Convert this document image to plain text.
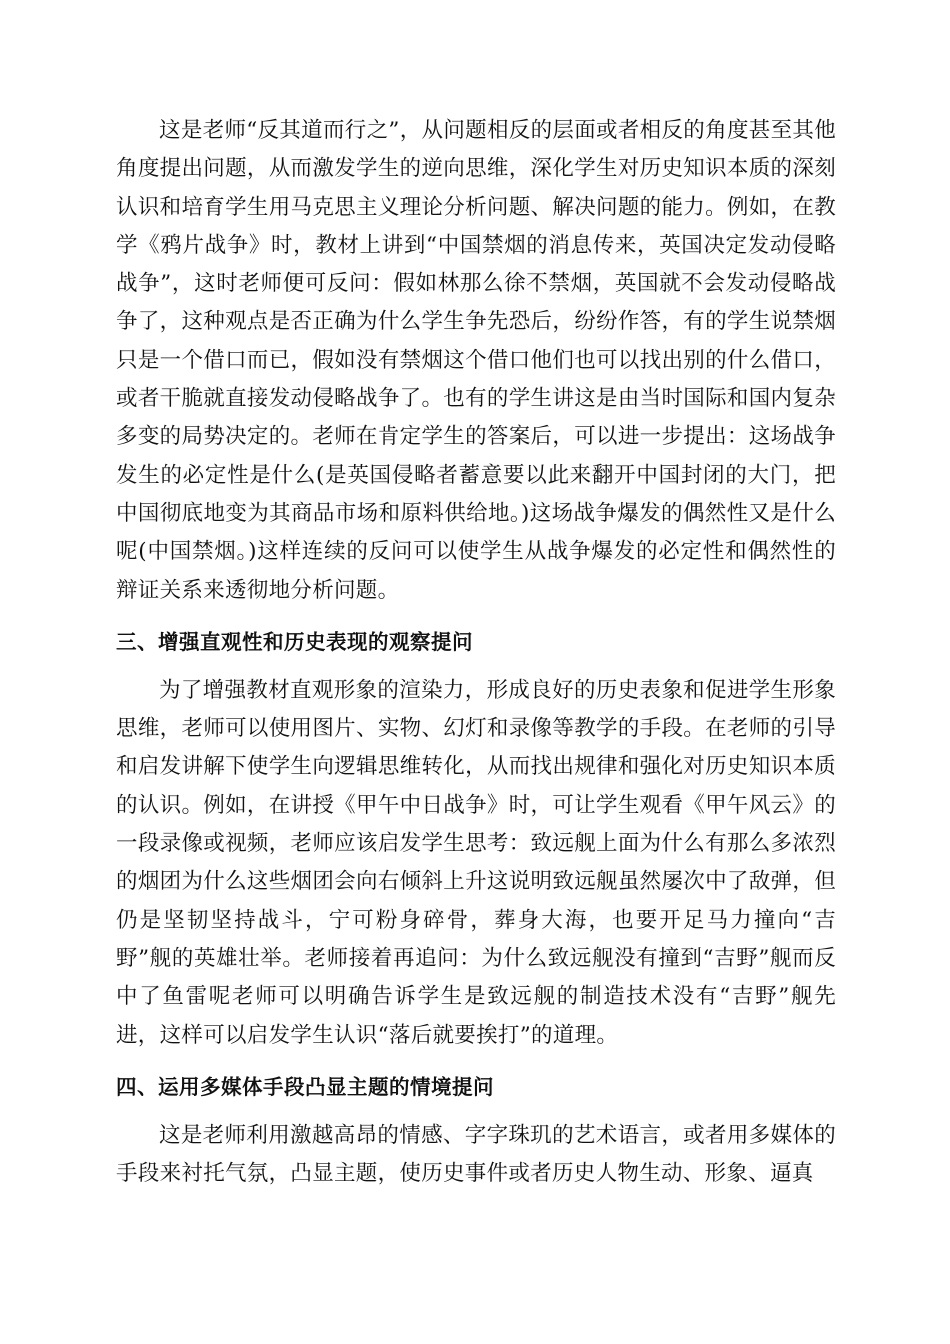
这是老师“反其道而行之”，从问题相反的层面或者相反的角度甚至其他角度提出问题，从而激发学生的逆向思维，深化学生对历史知识本质的深刻认识和培育学生用马克思主义理论分析问题、解决问题的能力。例如，在教学《鸦片战争》时，教材上讲到“中国禁烟的消息传来，英国决定发动侵略战争”，这时老师便可反问：假如林那么徐不禁烟，英国就不会发动侵略战争了，这种观点是否正确为什么学生争先恐后，纷纷作答，有的学生说禁烟只是一个借口而已，假如没有禁烟这个借口他们也可以找出别的什么借口，或者干脆就直接发动侵略战争了。也有的学生讲这是由当时国际和国内复杂多变的局势决定的。老师在肯定学生的答案后，可以进一步提出：这场战争发生的必定性是什么(是英国侵略者蓄意要以此来翻开中国封闭的大门，把中国彻底地变为其商品市场和原料供给地。)这场战争爆发的偶然性又是什么呢(中国禁烟。)这样连续的反问可以使学生从战争爆发的必定性和偶然性的辩证关系来透彻地分析问题。

三、增强直观性和历史表现的观察提问

为了增强教材直观形象的渲染力，形成良好的历史表象和促进学生形象思维，老师可以使用图片、实物、幻灯和录像等教学的手段。在老师的引导和启发讲解下使学生向逻辑思维转化，从而找出规律和强化对历史知识本质的认识。例如，在讲授《甲午中日战争》时，可让学生观看《甲午风云》的一段录像或视频，老师应该启发学生思考：致远舰上面为什么有那么多浓烈的烟团为什么这些烟团会向右倾斜上升这说明致远舰虽然屡次中了敌弹，但仍是坚韧坚持战斗，宁可粉身碎骨，葬身大海，也要开足马力撞向“吉野”舰的英雄壮举。老师接着再追问：为什么致远舰没有撞到“吉野”舰而反中了鱼雷呢老师可以明确告诉学生是致远舰的制造技术没有“吉野”舰先进，这样可以启发学生认识“落后就要挨打”的道理。

四、运用多媒体手段凸显主题的情境提问

这是老师利用激越高昂的情感、字字珠玑的艺术语言，或者用多媒体的手段来衬托气氛，凸显主题，使历史事件或者历史人物生动、形象、逼真
